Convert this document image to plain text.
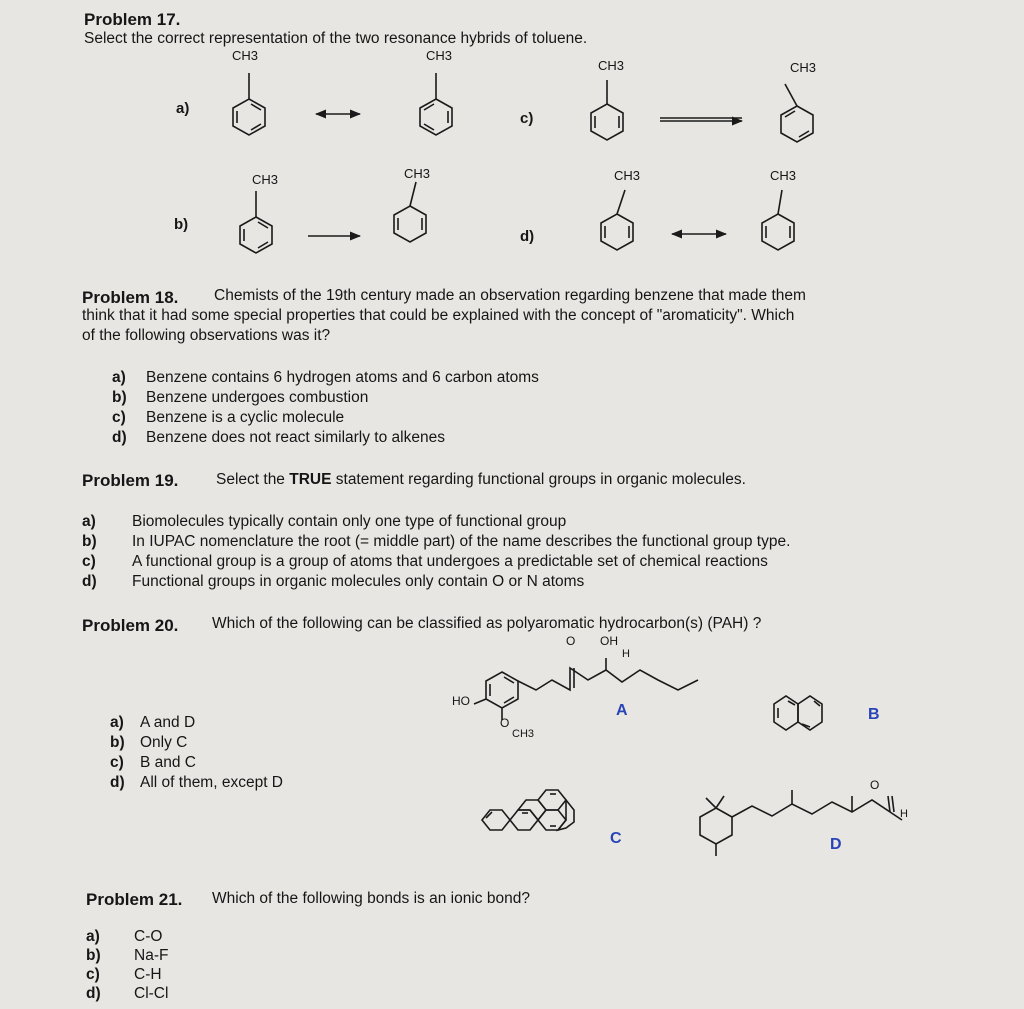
Problem 17.
Select the correct representation of the two resonance hybrids of toluene.
CH3	CH3
CH3	CH3
CH3	CH3	CH3	CH3
a)
c)
b)
d)
Problem 18. Chemists of the 19th century made an observation regarding benzene that made them
think that it had some special properties that could be explained with the concept of "aromaticity". Which
of the following observations was it?
a) Benzene contains 6 hydrogen atoms and 6 carbon atoms
b) Benzene undergoes combustion
c) Benzene is a cyclic molecule
d) Benzene does not react similarly to alkenes
Problem 19. Select the TRUE statement regarding functional groups in organic molecules.
a) Biomolecules typically contain only one type of functional group
b) In IUPAC nomenclature the root (= middle part) of the name describes the functional group type.
c) A functional group is a group of atoms that undergoes a predictable set of chemical reactions
d) Functional groups in organic molecules only contain O or N atoms
Problem 20. Which of the following can be classified as polyaromatic hydrocarbon(s) (PAH) ?
a) A and D
b) Only C
c) B and C
d) All of them, except D
O OH
H
HO
O
CH3
O
H
A	B
C	D
Problem 21. Which of the following bonds is an ionic bond?
a) C-O
b) Na-F
c) C-H
d) Cl-Cl
